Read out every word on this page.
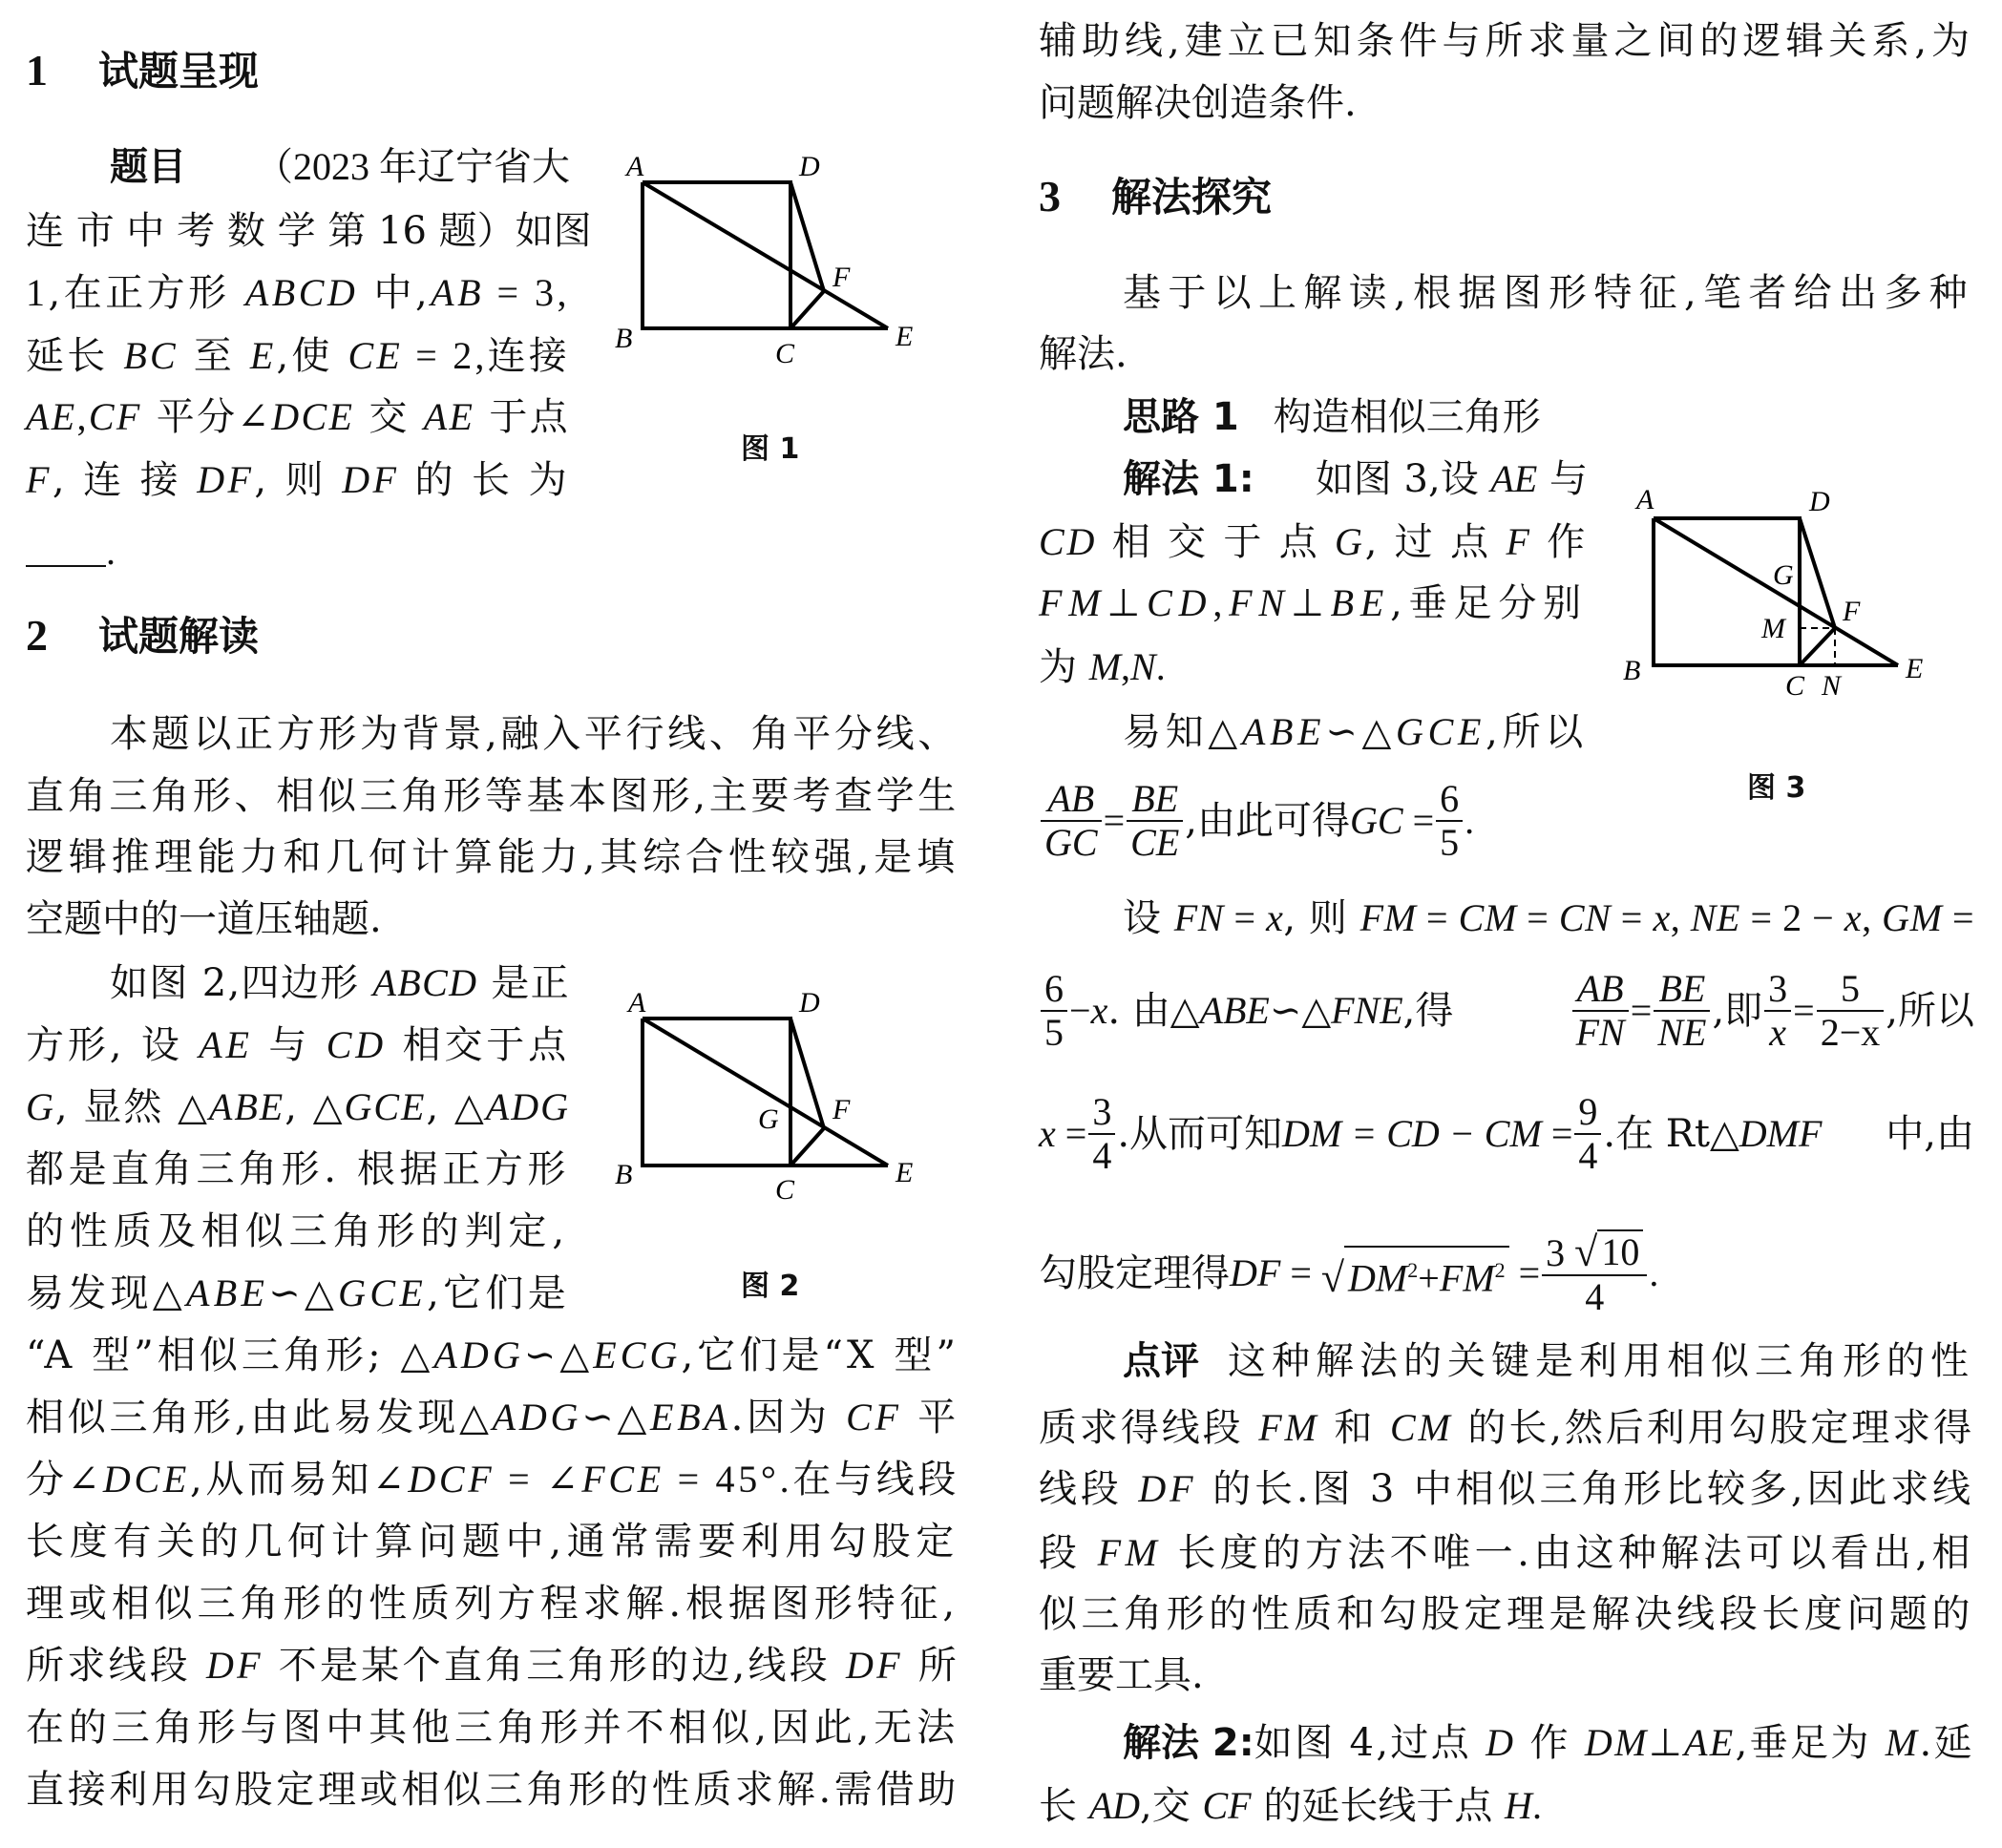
1 试题呈现
题目 （2023 年辽宁省大
连 市 中 考 数 学 第 16 题）如图
1 ,在正方形 ABCD 中, AB = 3,
延长 BC 至 E ,使 CE = 2, 连接
AE , CF 平分∠ DCE 交 AE 于点
F , 连 接 DF , 则 DF 的 长 为
.
A	D
B	C
E
F
图 1
2 试题解读
本题以正方形为背景,融入平行线、角平分线、
直角三角形、相似三角形等基本图形,主要考查学生
逻辑推理能力和几何计算能力,其综合性较强,是填
空题中的一道压轴题.
如图 2,四边形 ABCD 是正
方形, 设 AE 与 CD 相交于点
G , 显然 △ ABE , △ GCE , △ ADG
都是直角三角形. 根据正方形
的性质及相似三角形的判定,
易发现△ ABE ∽△ GCE ,它们是
A	D
B	C
E
F
G
图 2
“A 型”相似三角形; △ ADG ∽△ ECG ,它们是“X 型”
相似三角形,由此易发现△ ADG ∽△ EBA .因为 CF 平
分∠ DCE ,从而易知∠ DCF = ∠ FCE = 45°. 在与线段
长度有关的几何计算问题中,通常需要利用勾股定
理或相似三角形的性质列方程求解.根据图形特征,
所求线段 DF 不是某个直角三角形的边,线段 DF 所
在的三角形与图中其他三角形并不相似,因此,无法
直接利用勾股定理或相似三角形的性质求解.需借助
辅助线,建立已知条件与所求量之间的逻辑关系,为
问题解决创造条件.
3 解法探究
基于以上解读,根据图形特征,笔者给出多种
解法.
思路 1 构造相似三角形
解法 1: 如图 3,设 AE 与
CD 相 交 于 点 G , 过 点 F 作
FM ⊥ CD , FN ⊥ BE ,垂足分别
为 M , N .
易知△ ABE ∽△ GCE ,所以
$\frac{AB}{GC} = \frac{BE}{CE}$ ,由此可得 GC = $\frac{6}{5}$ .
A	D
B	C N
E
F
G
M
图 3
设 FN = x , 则 FM = CM = CN = x , NE = 2 − x , GM =
$\frac{6}{5} - x$ . 由△ ABE ∽△ FNE ,得	$\frac{AB}{FN} = \frac{BE}{NE}$ ,即 $\frac{3}{x} = \frac{5}{2-x}$ ,所以
$x = \frac{3}{4}$ .从而可知 DM = CD − CM = $\frac{9}{4}$ .在 Rt△ DMF 中,由
勾股定理得 DF = √ $DM^2+FM^2 = \frac{3 √ 10}{4}$ .
点评 这种解法的关键是利用相似三角形的性
质求得线段 FM 和 CM 的长,然后利用勾股定理求得
线段 DF 的长.图 3 中相似三角形比较多,因此求线
段 FM 长度的方法不唯一.由这种解法可以看出,相
似三角形的性质和勾股定理是解决线段长度问题的
重要工具.
解法 2: 如图 4,过点 D 作 DM ⊥ AE ,垂足为 M .延
长 AD ,交 CF 的延长线于点 H .
